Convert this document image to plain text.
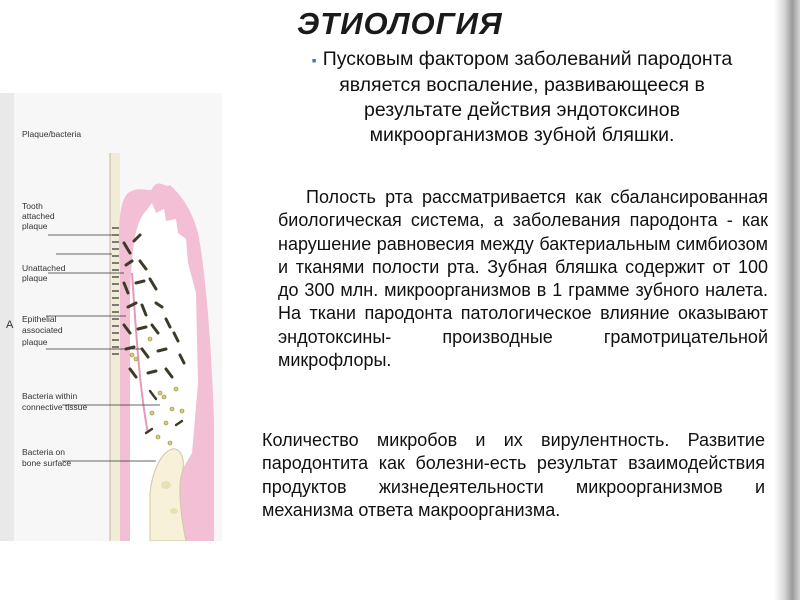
ЭТИОЛОГИЯ
▪ Пусковым фактором заболеваний пародонта является воспаление, развивающееся в результате действия эндотоксинов микроорганизмов зубной бляшки.
Полость рта рассматривается как сбалансированная биологическая система, а заболевания пародонта - как нарушение равновесия между бактериальным симбиозом и тканями полости рта. Зубная бляшка содержит от 100 до 300 млн. микроорганизмов в 1 грамме зубного налета. На ткани пародонта патологическое влияние оказывают эндотоксины- производные грамотрицательной микрофлоры.
Количество микробов и их вирулентность. Развитие пародонтита как болезни-есть результат взаимодействия продуктов жизнедеятельности микроорганизмов и механизма ответа макроорганизма.
Plaque/bacteria
Tooth
attached
plaque
Unattached
plaque
A Epithelial
associated
plaque
Bacteria within
connective tissue
Bacteria on
bone surface
